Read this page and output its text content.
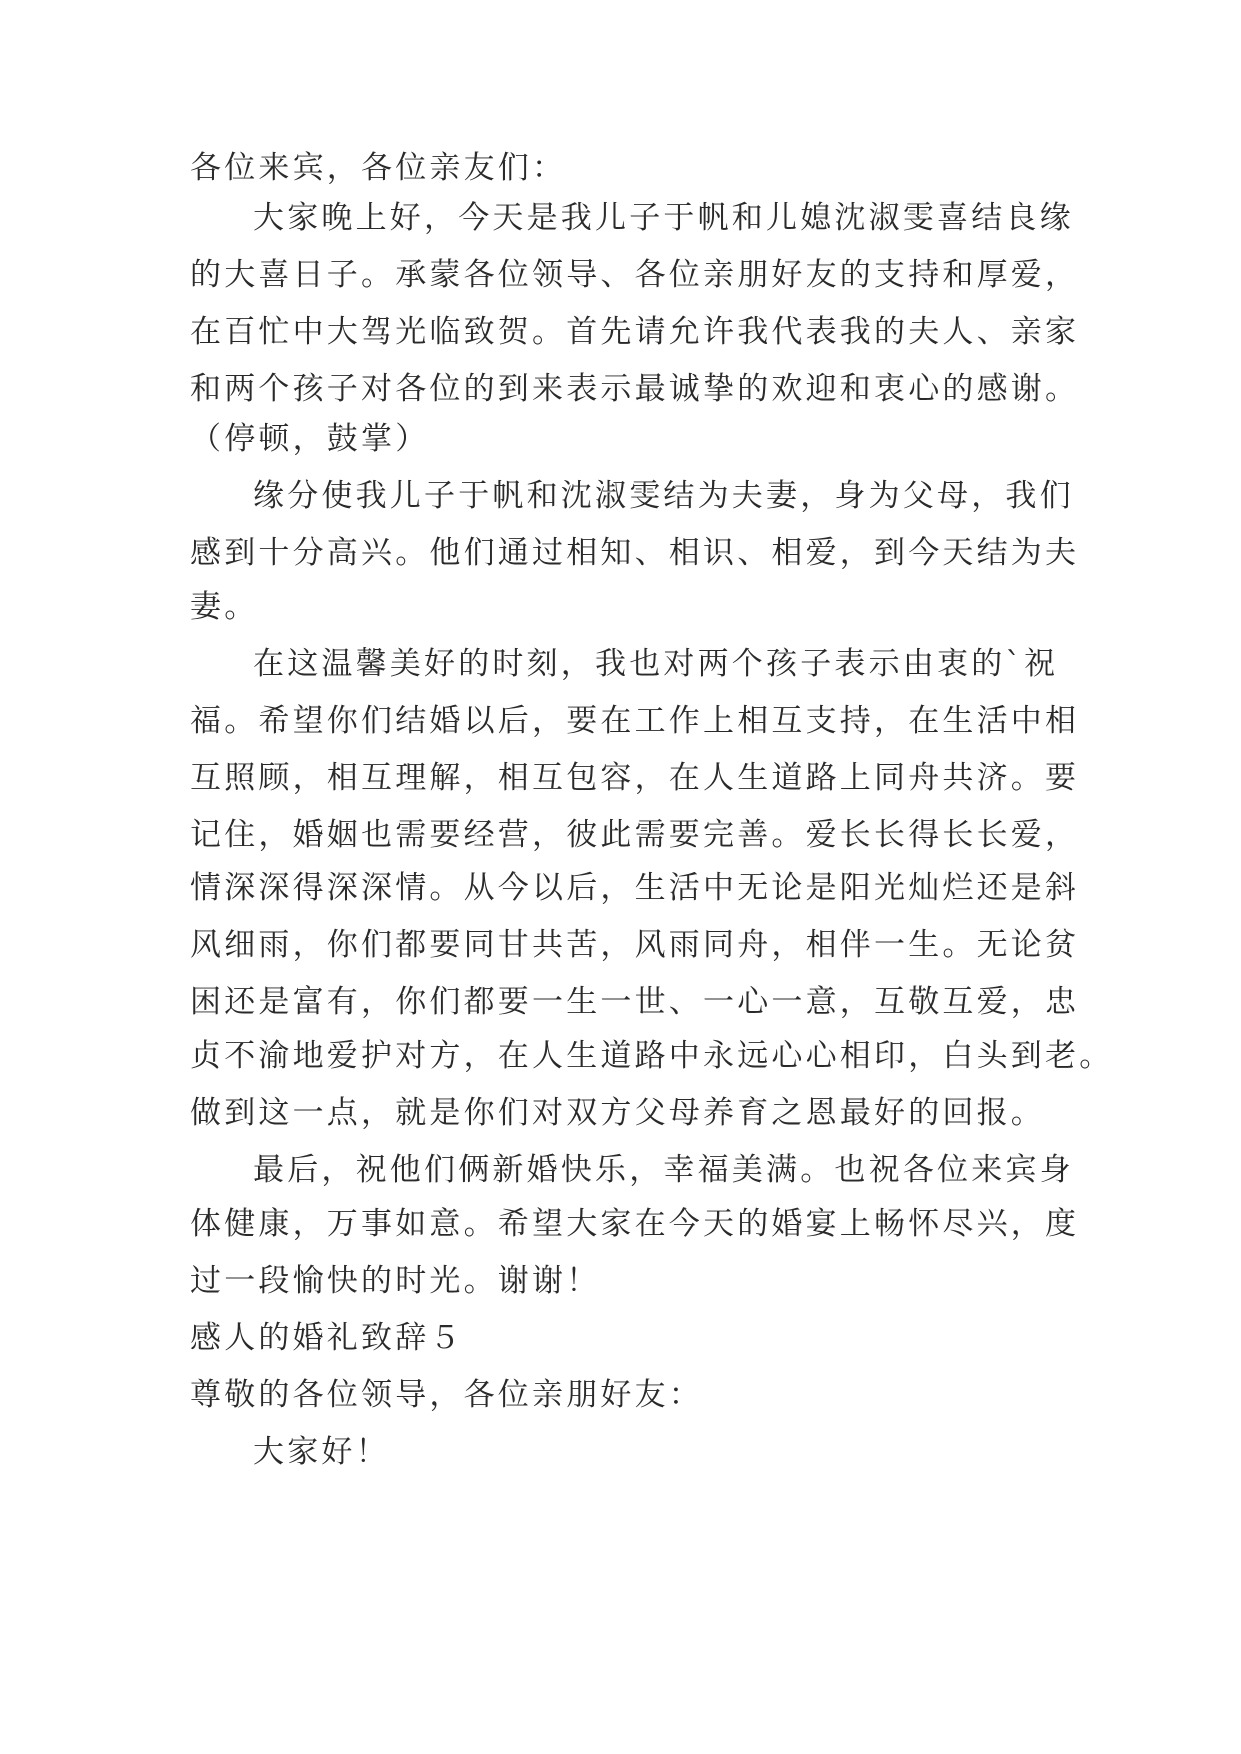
各位来宾，各位亲友们：
大家晚上好，今天是我儿子于帆和儿媳沈淑雯喜结良缘
的大喜日子。承蒙各位领导、各位亲朋好友的支持和厚爱，
在百忙中大驾光临致贺。首先请允许我代表我的夫人、亲家
和两个孩子对各位的到来表示最诚挚的欢迎和衷心的感谢。
（停顿，鼓掌）
缘分使我儿子于帆和沈淑雯结为夫妻，身为父母，我们
感到十分高兴。他们通过相知、相识、相爱，到今天结为夫
妻。
在这温馨美好的时刻，我也对两个孩子表示由衷的`祝
福。希望你们结婚以后，要在工作上相互支持，在生活中相
互照顾，相互理解，相互包容，在人生道路上同舟共济。要
记住，婚姻也需要经营，彼此需要完善。爱长长得长长爱，
情深深得深深情。从今以后，生活中无论是阳光灿烂还是斜
风细雨，你们都要同甘共苦，风雨同舟，相伴一生。无论贫
困还是富有，你们都要一生一世、一心一意，互敬互爱，忠
贞不渝地爱护对方，在人生道路中永远心心相印，白头到老。
做到这一点，就是你们对双方父母养育之恩最好的回报。
最后，祝他们俩新婚快乐，幸福美满。也祝各位来宾身
体健康，万事如意。希望大家在今天的婚宴上畅怀尽兴，度
过一段愉快的时光。谢谢！
感人的婚礼致辞５
尊敬的各位领导，各位亲朋好友：
大家好！
